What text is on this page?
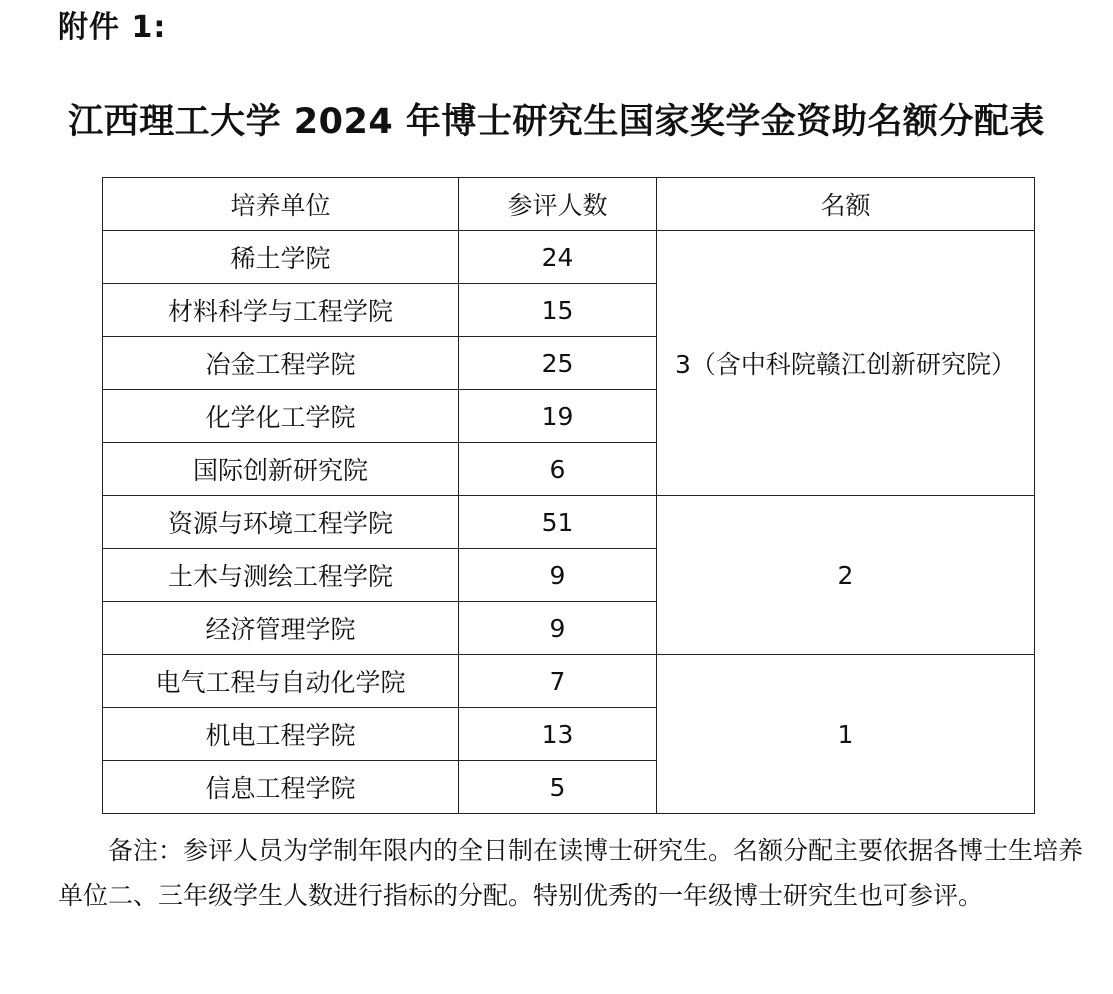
附件 1:
江西理工大学 2024 年博士研究生国家奖学金资助名额分配表
培养单位	参评人数	名额
稀土学院	24	3（含中科院赣江创新研究院）
材料科学与工程学院	15	
冶金工程学院	25	
化学化工学院	19	
国际创新研究院	6	
资源与环境工程学院	51	2
土木与测绘工程学院	9	
经济管理学院	9	
电气工程与自动化学院	7	1
机电工程学院	13	
信息工程学院	5	
备注：参评人员为学制年限内的全日制在读博士研究生。名额分配主要依据各博士生培养单位二、三年级学生人数进行指标的分配。特别优秀的一年级博士研究生也可参评。
